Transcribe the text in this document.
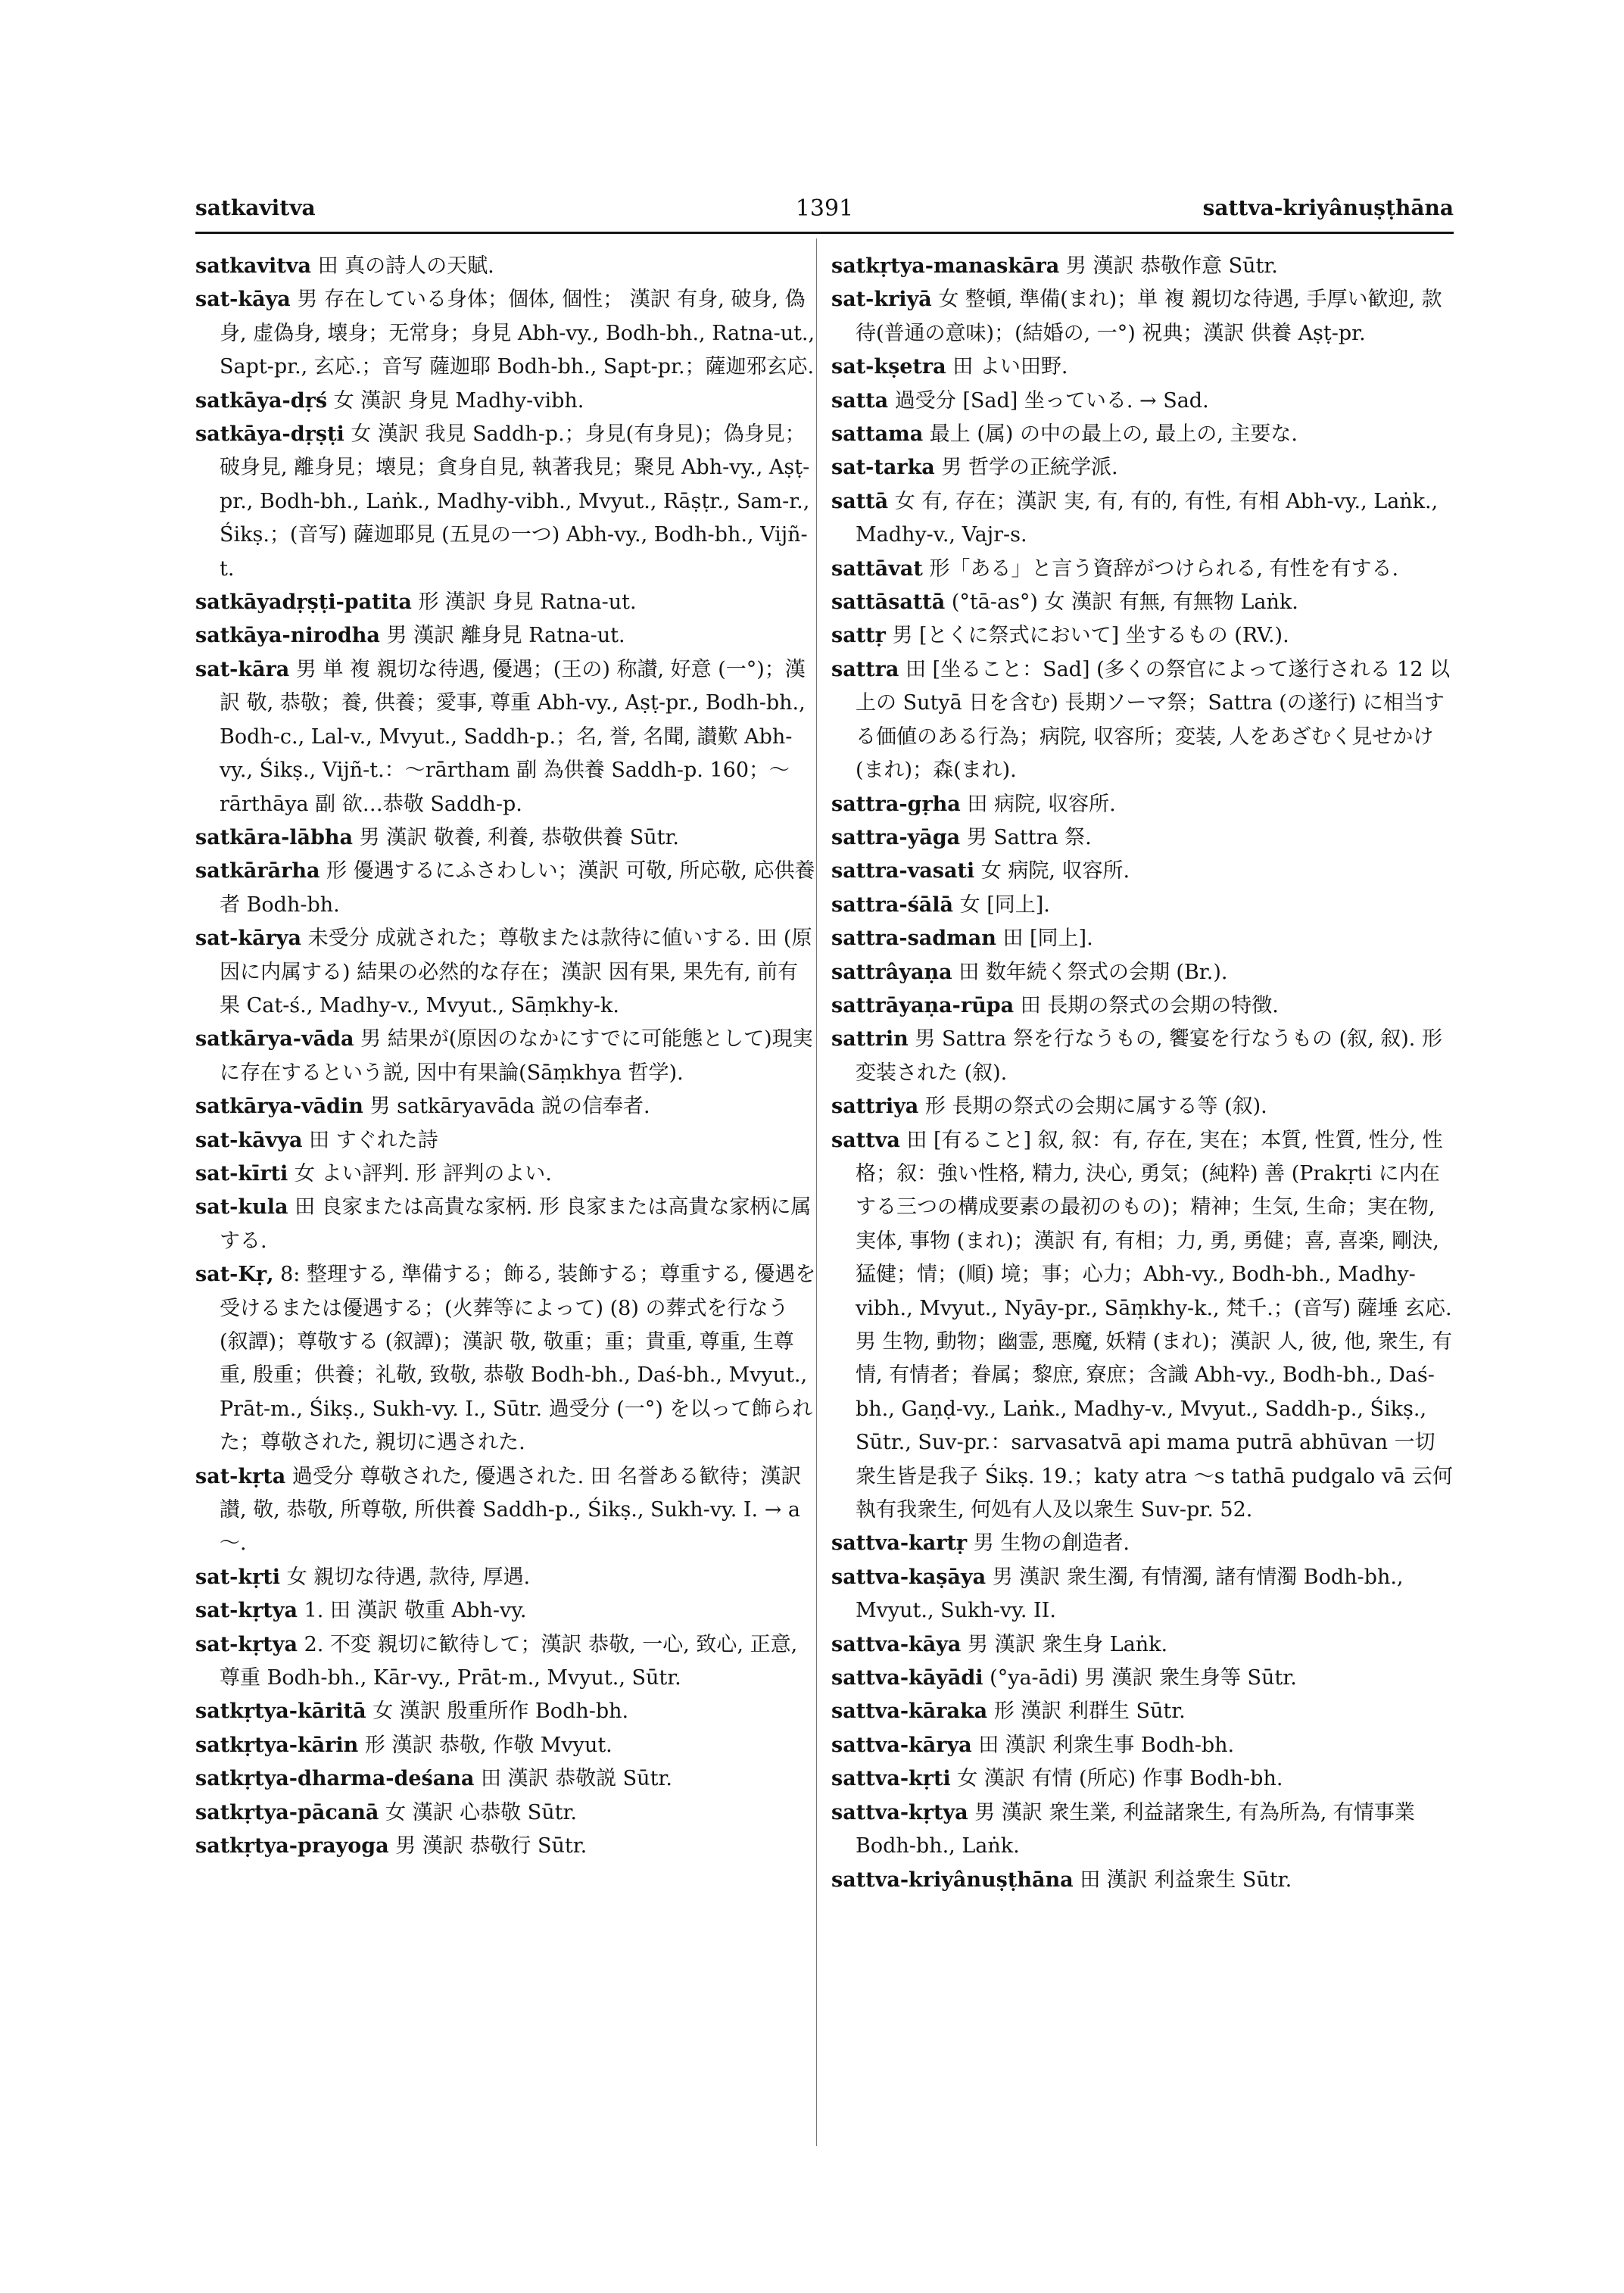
satkavitva	1391	sattva-kriyânuṣṭhāna
satkavitva 田 真の詩人の天賦.
sat-kāya 男 存在している身体；個体, 個性； 漢訳 有身, 破身, 偽身, 虚偽身, 壊身；无常身；身見 Abh-vy., Bodh-bh., Ratna-ut., Sapt-pr., 玄応.；音写 薩迦耶 Bodh-bh., Sapt-pr.；薩迦邪玄応.
satkāya-dṛś 女 漢訳 身見 Madhy-vibh.
satkāya-dṛṣṭi 女 漢訳 我見 Saddh-p.；身見(有身見)；偽身見；破身見, 離身見；壊見；貪身自見, 執著我見；聚見 Abh-vy., Aṣṭ-pr., Bodh-bh., Laṅk., Madhy-vibh., Mvyut., Rāṣṭr., Sam-r., Śikṣ.；(音写) 薩迦耶見 (五見の一つ) Abh-vy., Bodh-bh., Vijñ-t.
satkāyadṛṣṭi-patita 形 漢訳 身見 Ratna-ut.
satkāya-nirodha 男 漢訳 離身見 Ratna-ut.
sat-kāra 男 単 複 親切な待遇, 優遇；(王の) 称讃, 好意 (一°)；漢訳 敬, 恭敬；養, 供養；愛事, 尊重 Abh-vy., Aṣṭ-pr., Bodh-bh., Bodh-c., Lal-v., Mvyut., Saddh-p.；名, 誉, 名聞, 讃歎 Abh-vy., Śikṣ., Vijñ-t.：～rārtham 副 為供養 Saddh-p. 160；～rārthāya 副 欲…恭敬 Saddh-p.
satkāra-lābha 男 漢訳 敬養, 利養, 恭敬供養 Sūtr.
satkārārha 形 優遇するにふさわしい；漢訳 可敬, 所応敬, 応供養者 Bodh-bh.
sat-kārya 未受分 成就された；尊敬または款待に値いする. 田 (原因に内属する) 結果の必然的な存在；漢訳 因有果, 果先有, 前有果 Cat-ś., Madhy-v., Mvyut., Sāṃkhy-k.
satkārya-vāda 男 結果が(原因のなかにすでに可能態として)現実に存在するという説, 因中有果論(Sāṃkhya 哲学).
satkārya-vādin 男 satkāryavāda 説の信奉者.
sat-kāvya 田 すぐれた詩
sat-kīrti 女 よい評判. 形 評判のよい.
sat-kula 田 良家または高貴な家柄. 形 良家または高貴な家柄に属する.
sat-Kṛ, 8: 整理する, 準備する；飾る, 装飾する；尊重する, 優遇を受けるまたは優遇する；(火葬等によって) (8) の葬式を行なう (叙譚)；尊敬する (叙譚)；漢訳 敬, 敬重；重；貴重, 尊重, 生尊重, 殷重；供養；礼敬, 致敬, 恭敬 Bodh-bh., Daś-bh., Mvyut., Prāt-m., Śikṣ., Sukh-vy. I., Sūtr. 過受分 (一°) を以って飾られた；尊敬された, 親切に遇された.
sat-kṛta 過受分 尊敬された, 優遇された. 田 名誉ある歓待；漢訳 讃, 敬, 恭敬, 所尊敬, 所供養 Saddh-p., Śikṣ., Sukh-vy. I. → a～.
sat-kṛti 女 親切な待遇, 款待, 厚遇.
sat-kṛtya 1. 田 漢訳 敬重 Abh-vy.
sat-kṛtya 2. 不変 親切に歓待して；漢訳 恭敬, 一心, 致心, 正意, 尊重 Bodh-bh., Kār-vy., Prāt-m., Mvyut., Sūtr.
satkṛtya-kāritā 女 漢訳 殷重所作 Bodh-bh.
satkṛtya-kārin 形 漢訳 恭敬, 作敬 Mvyut.
satkṛtya-dharma-deśana 田 漢訳 恭敬説 Sūtr.
satkṛtya-pācanā 女 漢訳 心恭敬 Sūtr.
satkṛtya-prayoga 男 漢訳 恭敬行 Sūtr.
satkṛtya-manaskāra 男 漢訳 恭敬作意 Sūtr.
sat-kriyā 女 整頓, 準備(まれ)；単 複 親切な待遇, 手厚い歓迎, 款待(普通の意味)；(結婚の, 一°) 祝典；漢訳 供養 Aṣṭ-pr.
sat-kṣetra 田 よい田野.
satta 過受分 [Sad] 坐っている. → Sad.
sattama 最上 (属) の中の最上の, 最上の, 主要な.
sat-tarka 男 哲学の正統学派.
sattā 女 有, 存在；漢訳 実, 有, 有的, 有性, 有相 Abh-vy., Laṅk., Madhy-v., Vajr-s.
sattāvat 形「ある」と言う資辞がつけられる, 有性を有する.
sattāsattā (°tā-as°) 女 漢訳 有無, 有無物 Laṅk.
sattṛ 男 [とくに祭式において] 坐するもの (RV.).
sattra 田 [坐ること：Sad] (多くの祭官によって遂行される 12 以上の Sutyā 日を含む) 長期ソーマ祭；Sattra (の遂行) に相当する価値のある行為；病院, 収容所；変装, 人をあざむく見せかけ(まれ)；森(まれ).
sattra-gṛha 田 病院, 収容所.
sattra-yāga 男 Sattra 祭.
sattra-vasati 女 病院, 収容所.
sattra-śālā 女 [同上].
sattra-sadman 田 [同上].
sattrâyaṇa 田 数年続く祭式の会期 (Br.).
sattrāyaṇa-rūpa 田 長期の祭式の会期の特徴.
sattrin 男 Sattra 祭を行なうもの, 饗宴を行なうもの (叙, 叙). 形 変装された (叙).
sattriya 形 長期の祭式の会期に属する等 (叙).
sattva 田 [有ること] 叙, 叙：有, 存在, 実在；本質, 性質, 性分, 性格；叙：強い性格, 精力, 決心, 勇気；(純粋) 善 (Prakṛti に内在する三つの構成要素の最初のもの)；精神；生気, 生命；実在物, 実体, 事物 (まれ)；漢訳 有, 有相；力, 勇, 勇健；喜, 喜楽, 剛決, 猛健；情；(順) 境；事；心力；Abh-vy., Bodh-bh., Madhy-vibh., Mvyut., Nyāy-pr., Sāṃkhy-k., 梵千.；(音写) 薩埵 玄応. 男 生物, 動物；幽霊, 悪魔, 妖精 (まれ)；漢訳 人, 彼, 他, 衆生, 有情, 有情者；眷属；黎庶, 寮庶；含識 Abh-vy., Bodh-bh., Daś-bh., Gaṇḍ-vy., Laṅk., Madhy-v., Mvyut., Saddh-p., Śikṣ., Sūtr., Suv-pr.：sarvasatvā api mama putrā abhūvan 一切衆生皆是我子 Śikṣ. 19.；katy atra ～s tathā pudgalo vā 云何執有我衆生, 何処有人及以衆生 Suv-pr. 52.
sattva-kartṛ 男 生物の創造者.
sattva-kaṣāya 男 漢訳 衆生濁, 有情濁, 諸有情濁 Bodh-bh., Mvyut., Sukh-vy. II.
sattva-kāya 男 漢訳 衆生身 Laṅk.
sattva-kāyādi (°ya-ādi) 男 漢訳 衆生身等 Sūtr.
sattva-kāraka 形 漢訳 利群生 Sūtr.
sattva-kārya 田 漢訳 利衆生事 Bodh-bh.
sattva-kṛti 女 漢訳 有情 (所応) 作事 Bodh-bh.
sattva-kṛtya 男 漢訳 衆生業, 利益諸衆生, 有為所為, 有情事業 Bodh-bh., Laṅk.
sattva-kriyânuṣṭhāna 田 漢訳 利益衆生 Sūtr.
